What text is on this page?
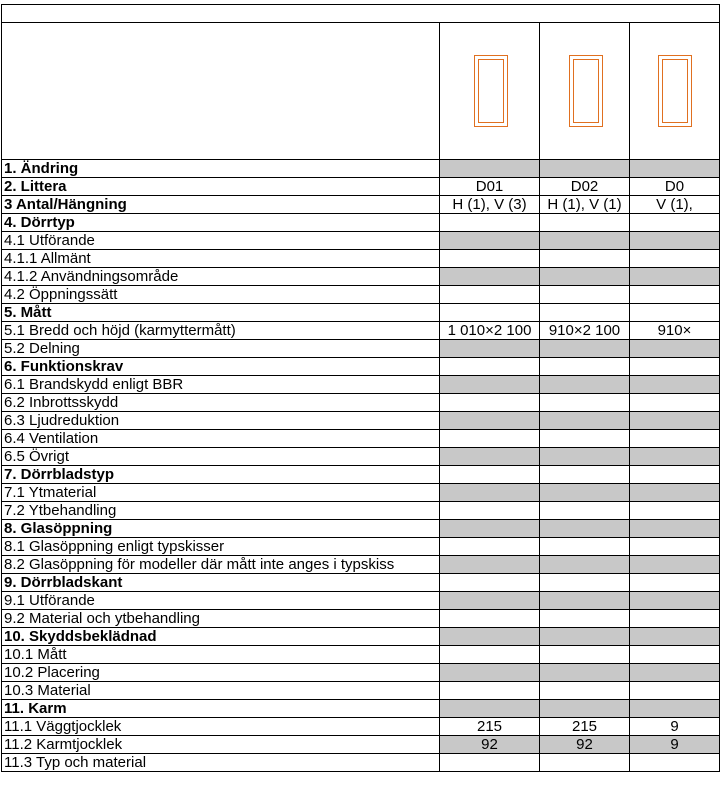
1. Ändring			
2. Littera	D01	D02	D0
3 Antal/Hängning	H (1), V (3)	H (1), V (1)	V (1),
4. Dörrtyp			
4.1 Utförande			
4.1.1 Allmänt			
4.1.2 Användningsområde			
4.2 Öppningssätt			
5. Mått			
5.1 Bredd och höjd (karmyttermått)	1 010×2 100	910×2 100	910×
5.2 Delning			
6. Funktionskrav			
6.1 Brandskydd enligt BBR			
6.2 Inbrottsskydd			
6.3 Ljudreduktion			
6.4 Ventilation			
6.5 Övrigt			
7. Dörrbladstyp			
7.1 Ytmaterial			
7.2 Ytbehandling			
8. Glasöppning			
8.1 Glasöppning enligt typskisser			
8.2 Glasöppning för modeller där mått inte anges i typskiss			
9. Dörrbladskant			
9.1 Utförande			
9.2 Material och ytbehandling			
10. Skyddsbeklädnad			
10.1 Mått			
10.2 Placering			
10.3 Material			
11. Karm			
11.1 Väggtjocklek	215	215	9
11.2 Karmtjocklek	92	92	9
11.3 Typ och material			
